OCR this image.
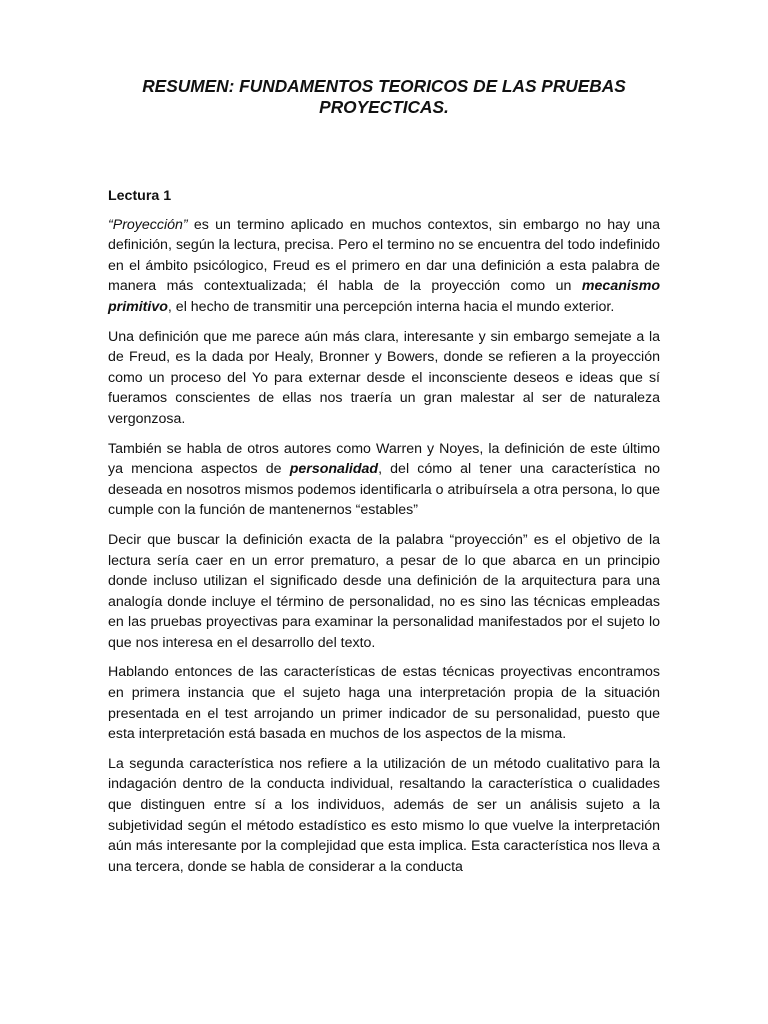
RESUMEN: FUNDAMENTOS TEORICOS DE LAS PRUEBAS PROYECTICAS.
Lectura 1

“Proyección” es un termino aplicado en muchos contextos, sin embargo no hay una definición, según la lectura, precisa. Pero el termino no se encuentra del todo indefinido en el ámbito psicólogico, Freud es el primero en dar una definición a esta palabra de manera más contextualizada; él habla de la proyección como un mecanismo primitivo, el hecho de transmitir una percepción interna hacia el mundo exterior.

Una definición que me parece aún más clara, interesante y sin embargo semejate a la de Freud, es la dada por Healy, Bronner y Bowers, donde se refieren a la proyección como un proceso del Yo para externar desde el inconsciente deseos e ideas que sí fueramos conscientes de ellas nos traería un gran malestar al ser de naturaleza vergonzosa.

También se habla de otros autores como Warren y Noyes, la definición de este último ya menciona aspectos de personalidad, del cómo al tener una característica no deseada en nosotros mismos podemos identificarla o atribuírsela a otra persona, lo que cumple con la función de mantenernos “estables”

Decir que buscar la definición exacta de la palabra “proyección” es el objetivo de la lectura sería caer en un error prematuro, a pesar de lo que abarca en un principio donde incluso utilizan el significado desde una definición de la arquitectura para una analogía donde incluye el término de personalidad, no es sino las técnicas empleadas en las pruebas proyectivas para examinar la personalidad manifestados por el sujeto lo que nos interesa en el desarrollo del texto.

Hablando entonces de las características de estas técnicas proyectivas encontramos en primera instancia que el sujeto haga una interpretación propia de la situación presentada en el test arrojando un primer indicador de su personalidad, puesto que esta interpretación está basada en muchos de los aspectos de la misma.

La segunda característica nos refiere a la utilización de un método cualitativo para la indagación dentro de la conducta individual, resaltando la característica o cualidades que distinguen entre sí a los individuos, además de ser un análisis sujeto a la subjetividad según el método estadístico es esto mismo lo que vuelve la interpretación aún más interesante por la complejidad que esta implica. Esta característica nos lleva a una tercera, donde se habla de considerar a la conducta
